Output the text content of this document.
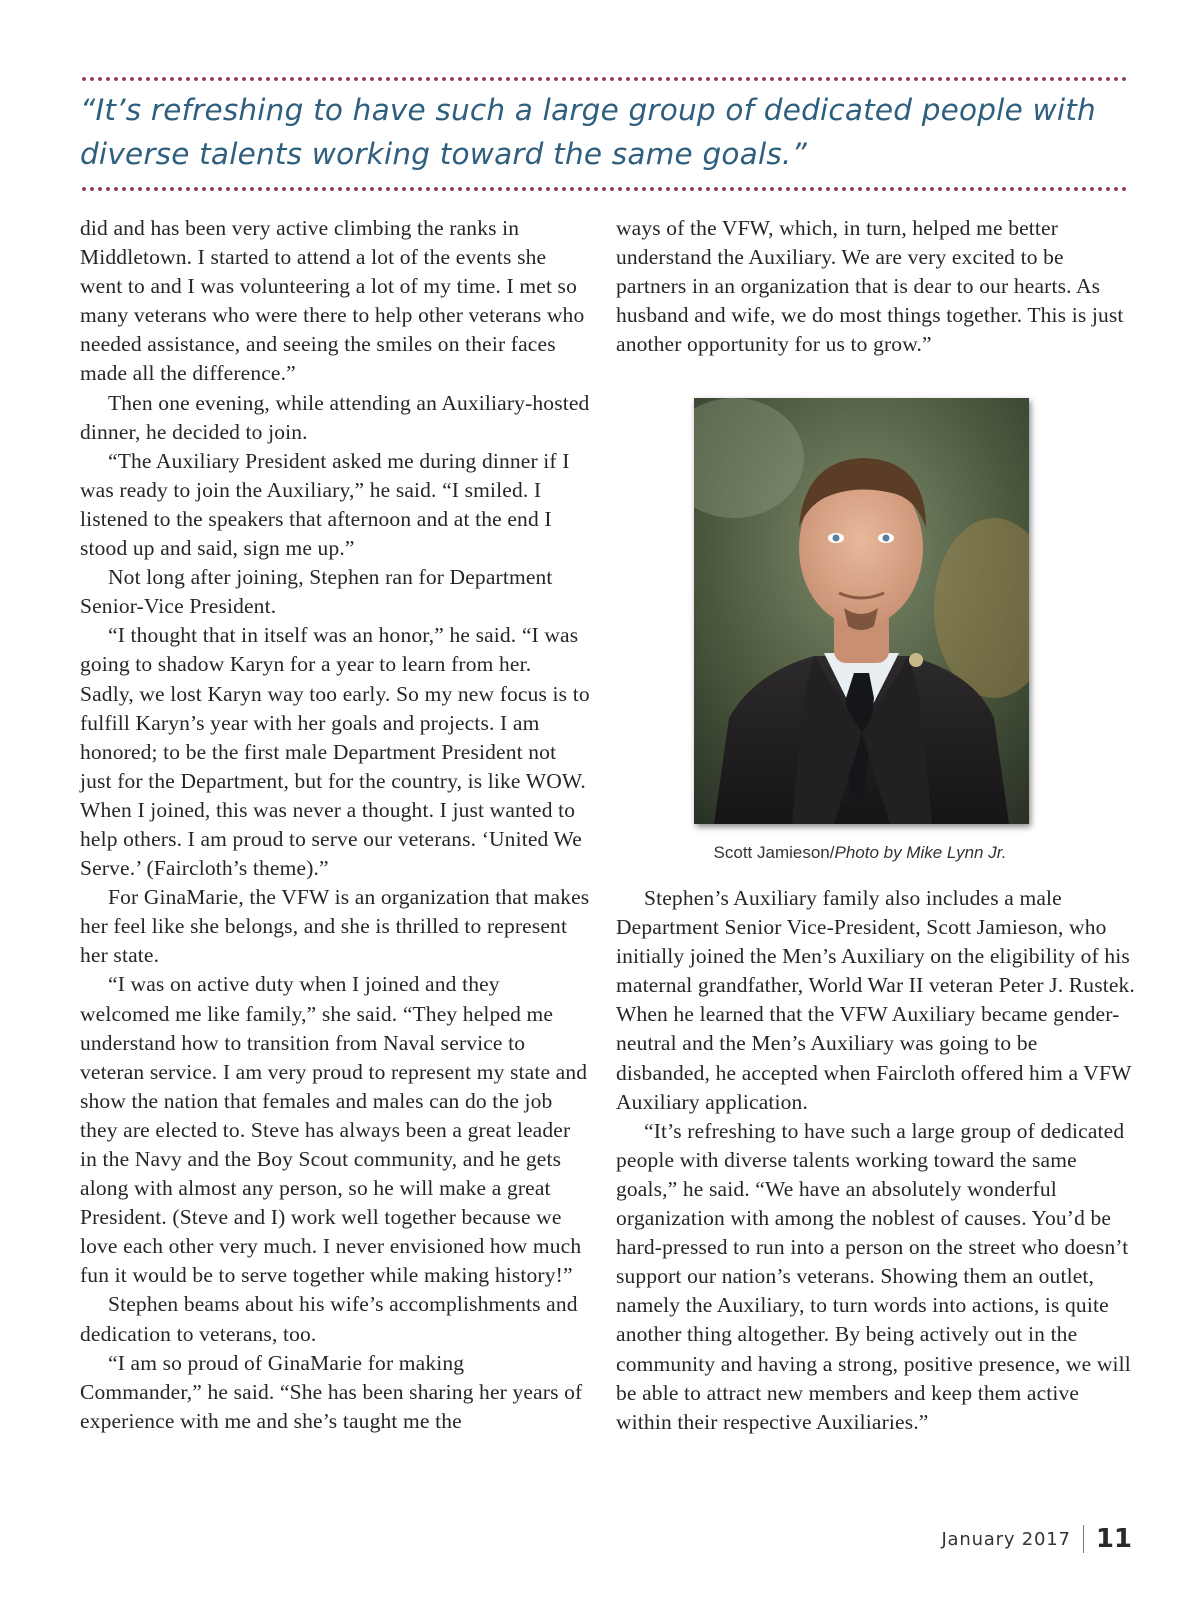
“It’s refreshing to have such a large group of dedicated people with
diverse talents working toward the same goals.”

did and has been very active climbing the ranks in Middletown. I started to attend a lot of the events she went to and I was volunteering a lot of my time. I met so many veterans who were there to help other veterans who needed assistance, and seeing the smiles on their faces made all the difference.”

Then one evening, while attending an Auxiliary-hosted dinner, he decided to join.

“The Auxiliary President asked me during dinner if I was ready to join the Auxiliary,” he said. “I smiled. I listened to the speakers that afternoon and at the end I stood up and said, sign me up.”

Not long after joining, Stephen ran for Department Senior-Vice President.

“I thought that in itself was an honor,” he said. “I was going to shadow Karyn for a year to learn from her. Sadly, we lost Karyn way too early. So my new focus is to fulfill Karyn’s year with her goals and projects. I am honored; to be the first male Department President not just for the Department, but for the country, is like WOW. When I joined, this was never a thought. I just wanted to help others. I am proud to serve our veterans. ‘United We Serve.’ (Faircloth’s theme).”

For GinaMarie, the VFW is an organization that makes her feel like she belongs, and she is thrilled to represent her state.

“I was on active duty when I joined and they welcomed me like family,” she said. “They helped me understand how to transition from Naval service to veteran service. I am very proud to represent my state and show the nation that females and males can do the job they are elected to. Steve has always been a great leader in the Navy and the Boy Scout community, and he gets along with almost any person, so he will make a great President. (Steve and I) work well together because we love each other very much. I never envisioned how much fun it would be to serve together while making history!”

Stephen beams about his wife’s accomplishments and dedication to veterans, too.

“I am so proud of GinaMarie for making Commander,” he said. “She has been sharing her years of experience with me and she’s taught me the

ways of the VFW, which, in turn, helped me better understand the Auxiliary. We are very excited to be partners in an organization that is dear to our hearts. As husband and wife, we do most things together. This is just another opportunity for us to grow.”

Scott Jamieson/Photo by Mike Lynn Jr.

Stephen’s Auxiliary family also includes a male Department Senior Vice-President, Scott Jamieson, who initially joined the Men’s Auxiliary on the eligibility of his maternal grandfather, World War II veteran Peter J. Rustek. When he learned that the VFW Auxiliary became gender-neutral and the Men’s Auxiliary was going to be disbanded, he accepted when Faircloth offered him a VFW Auxiliary application.

“It’s refreshing to have such a large group of dedicated people with diverse talents working toward the same goals,” he said. “We have an absolutely wonderful organization with among the noblest of causes. You’d be hard-pressed to run into a person on the street who doesn’t support our nation’s veterans. Showing them an outlet, namely the Auxiliary, to turn words into actions, is quite another thing altogether. By being actively out in the community and having a strong, positive presence, we will be able to attract new members and keep them active within their respective Auxiliaries.”

January 2017 11
